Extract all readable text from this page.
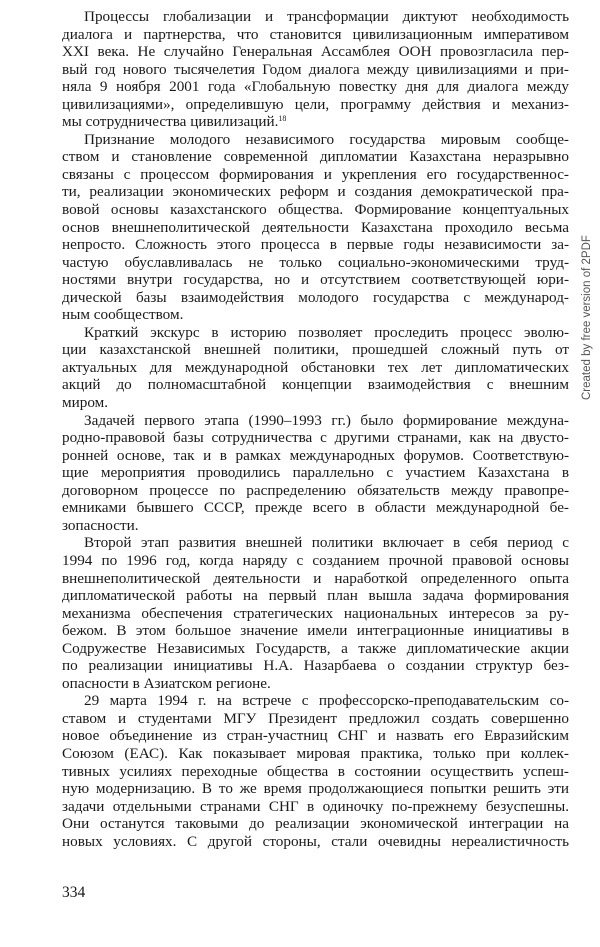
Процессы глобализации и трансформации диктуют необходимость
диалога и партнерства, что становится цивилизационным императивом
XXI века. Не случайно Генеральная Ассамблея ООН провозгласила пер-
вый год нового тысячелетия Годом диалога между цивилизациями и при-
няла 9 ноября 2001 года «Глобальную повестку дня для диалога между
цивилизациями», определившую цели, программу действия и механиз-
мы сотрудничества цивилизаций.$^{18}$
Признание молодого независимого государства мировым сообще-
ством и становление современной дипломатии Казахстана неразрывно
связаны с процессом формирования и укрепления его государственнос-
ти, реализации экономических реформ и создания демократической пра-
вовой основы казахстанского общества. Формирование концептуальных
основ внешнеполитической деятельности Казахстана проходило весьма
непросто. Сложность этого процесса в первые годы независимости за-
частую обуславливалась не только социально-экономическими труд-
ностями внутри государства, но и отсутствием соответствующей юри-
дической базы взаимодействия молодого государства с международ-
ным сообществом.
Краткий экскурс в историю позволяет проследить процесс эволю-
ции казахстанской внешней политики, прошедшей сложный путь от
актуальных для международной обстановки тех лет дипломатических
акций до полномасштабной концепции взаимодействия с внешним
миром.
Задачей первого этапа (1990–1993 гг.) было формирование междуна-
родно-правовой базы сотрудничества с другими странами, как на двусто-
ронней основе, так и в рамках международных форумов. Соответствую-
щие мероприятия проводились параллельно с участием Казахстана в
договорном процессе по распределению обязательств между правопре-
емниками бывшего СССР, прежде всего в области международной бе-
зопасности.
Второй этап развития внешней политики включает в себя период с
1994 по 1996 год, когда наряду с созданием прочной правовой основы
внешнеполитической деятельности и наработкой определенного опыта
дипломатической работы на первый план вышла задача формирования
механизма обеспечения стратегических национальных интересов за ру-
бежом. В этом большое значение имели интеграционные инициативы в
Содружестве Независимых Государств, а также дипломатические акции
по реализации инициативы Н.А. Назарбаева о создании структур без-
опасности в Азиатском регионе.
29 марта 1994 г. на встрече с профессорско-преподавательским со-
ставом и студентами МГУ Президент предложил создать совершенно
новое объединение из стран-участниц СНГ и назвать его Евразийским
Союзом (ЕАС). Как показывает мировая практика, только при коллек-
тивных усилиях переходные общества в состоянии осуществить успеш-
ную модернизацию. В то же время продолжающиеся попытки решить эти
задачи отдельными странами СНГ в одиночку по-прежнему безуспешны.
Они останутся таковыми до реализации экономической интеграции на
новых условиях. С другой стороны, стали очевидны нереалистичность
334
Created by free version of 2PDF
